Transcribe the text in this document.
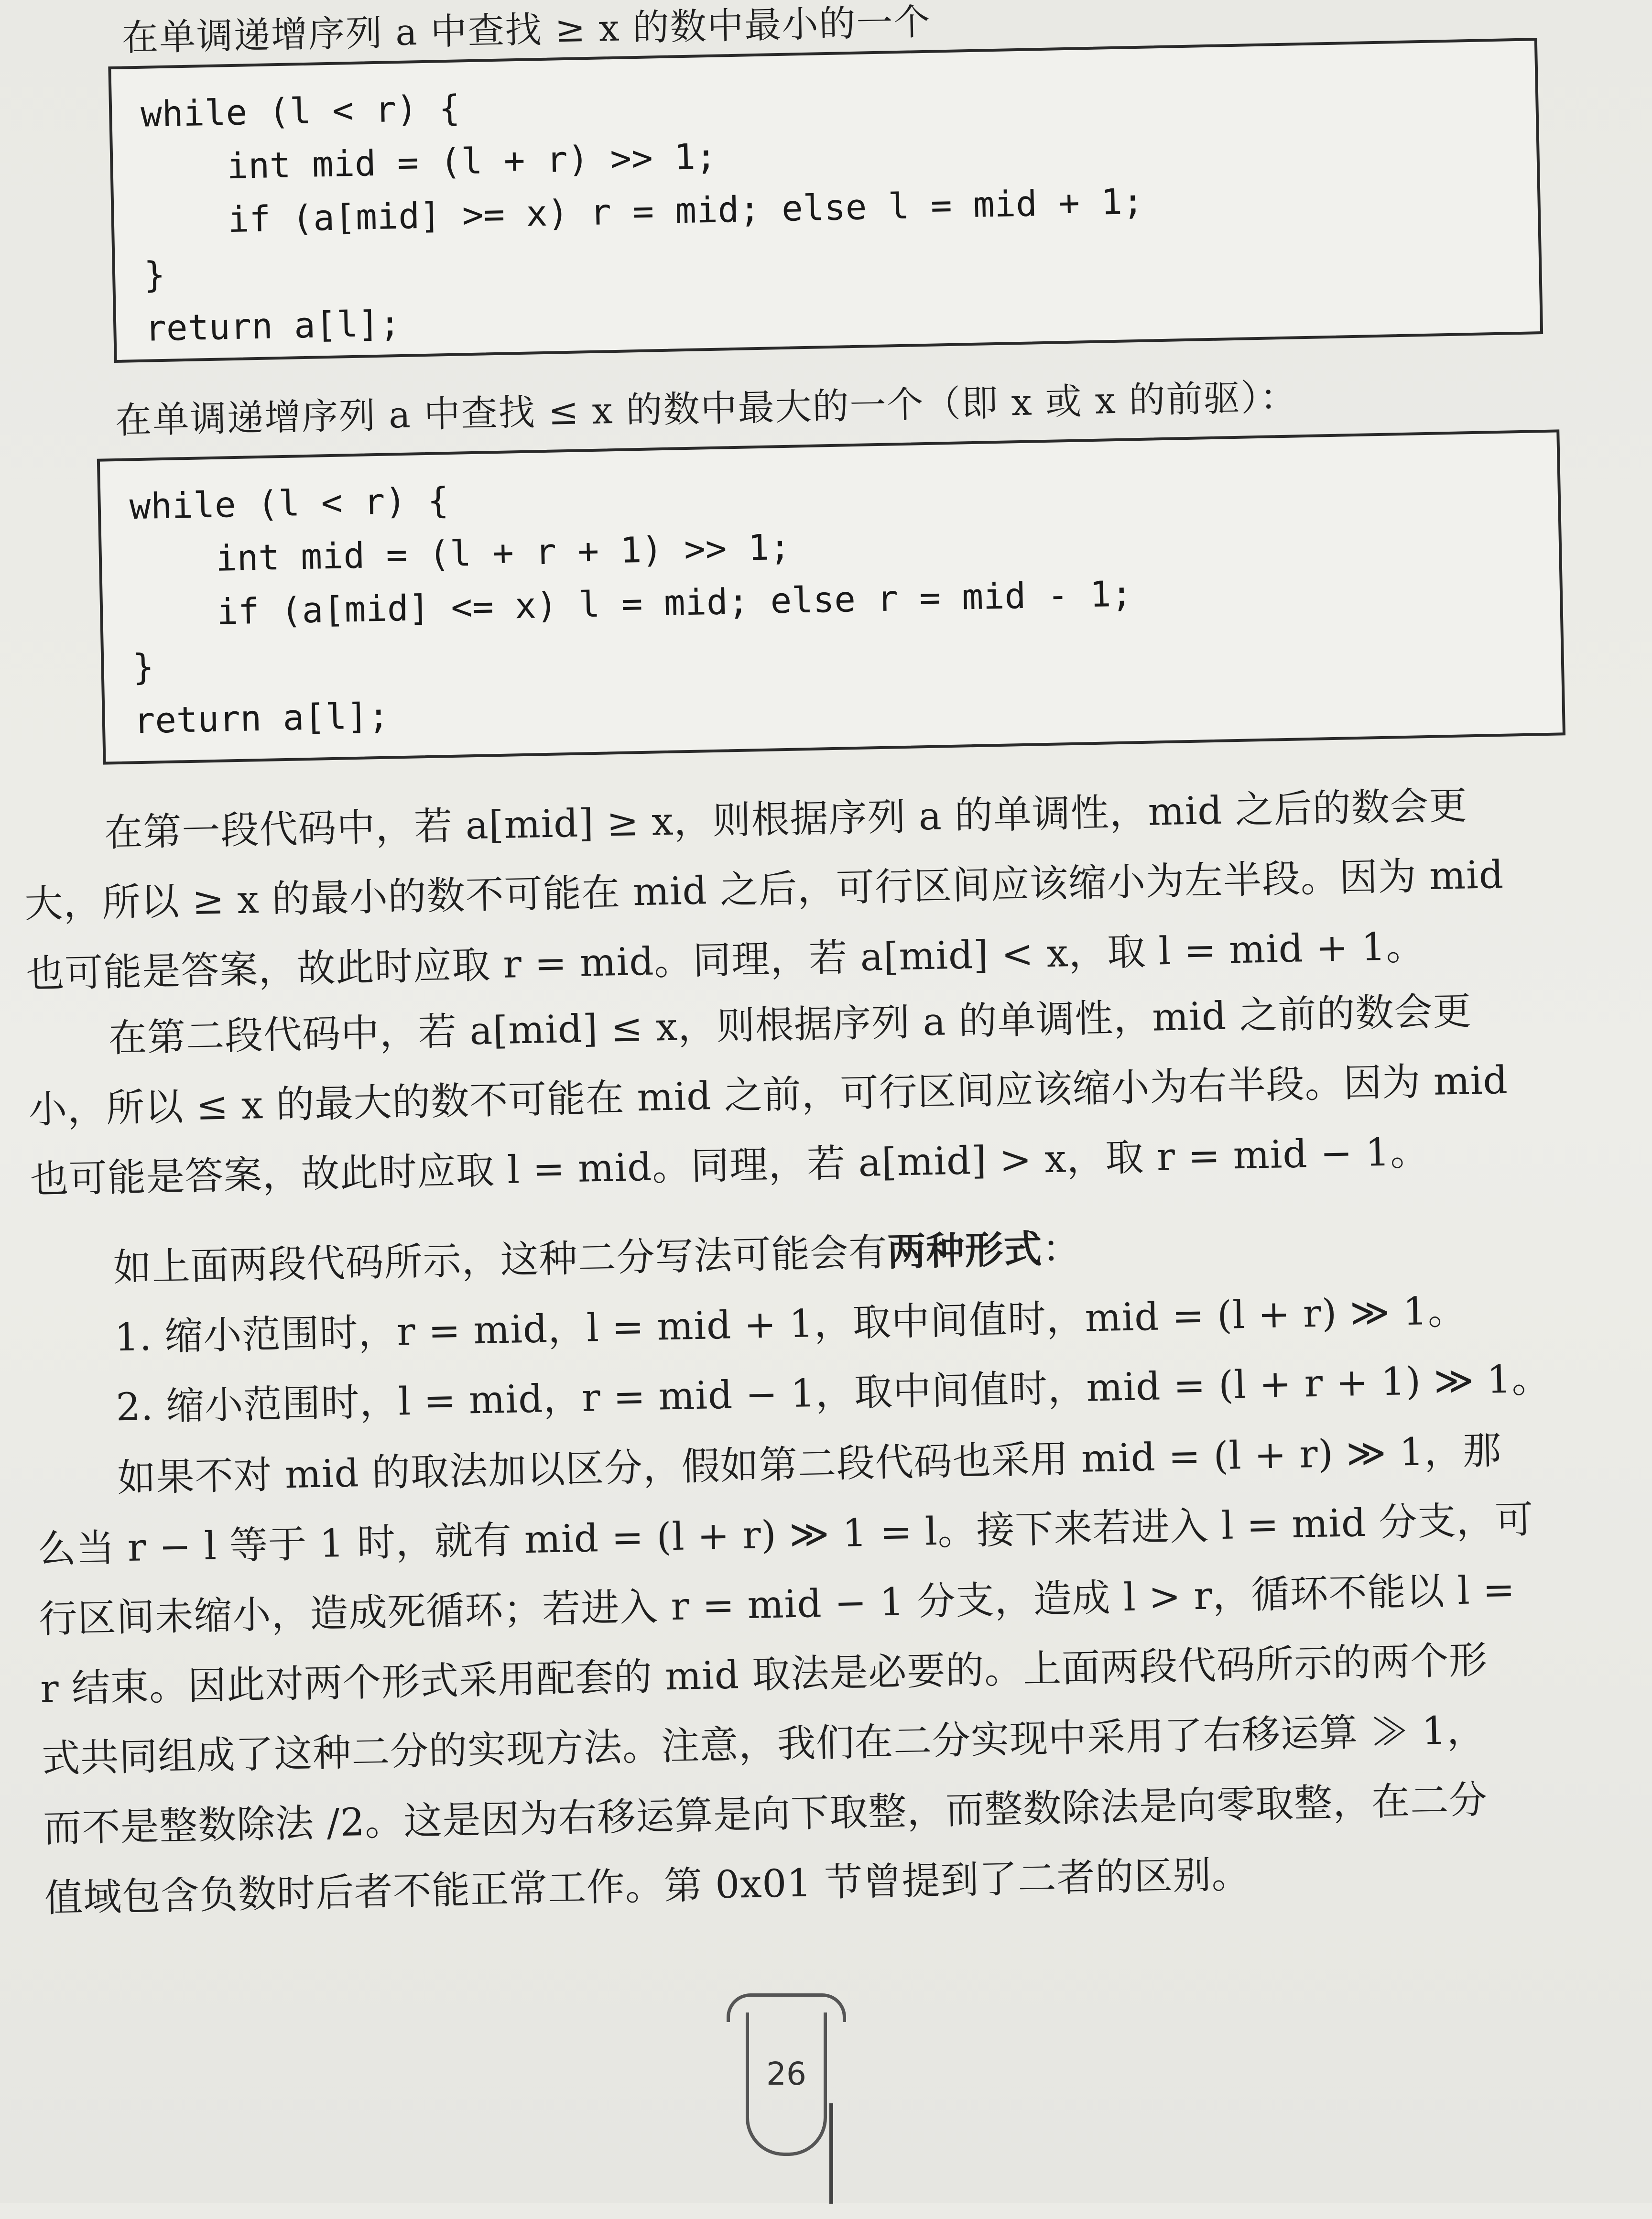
在单调递增序列 a 中查找 ≥ x 的数中最小的一个
while (l < r) {
int mid = (l + r) >> 1;
if (a[mid] >= x) r = mid; else l = mid + 1;
}
return a[l];
在单调递增序列 a 中查找 ≤ x 的数中最大的一个（即 x 或 x 的前驱）：
while (l < r) {
int mid = (l + r + 1) >> 1;
if (a[mid] <= x) l = mid; else r = mid - 1;
}
return a[l];

在第一段代码中，若 a[mid] ≥ x，则根据序列 a 的单调性，mid 之后的数会更

大，所以 ≥ x 的最小的数不可能在 mid 之后，可行区间应该缩小为左半段。因为 mid

也可能是答案，故此时应取 r = mid。同理，若 a[mid] < x，取 l = mid + 1。

在第二段代码中，若 a[mid] ≤ x，则根据序列 a 的单调性，mid 之前的数会更

小，所以 ≤ x 的最大的数不可能在 mid 之前，可行区间应该缩小为右半段。因为 mid

也可能是答案，故此时应取 l = mid。同理，若 a[mid] > x，取 r = mid − 1。

如上面两段代码所示，这种二分写法可能会有两种形式：

1. 缩小范围时，r = mid，l = mid + 1，取中间值时，mid = (l + r) ≫ 1。

2. 缩小范围时，l = mid，r = mid − 1，取中间值时，mid = (l + r + 1) ≫ 1。

如果不对 mid 的取法加以区分，假如第二段代码也采用 mid = (l + r) ≫ 1，那

么当 r − l 等于 1 时，就有 mid = (l + r) ≫ 1 = l。接下来若进入 l = mid 分支，可

行区间未缩小，造成死循环；若进入 r = mid − 1 分支，造成 l > r，循环不能以 l =

r 结束。因此对两个形式采用配套的 mid 取法是必要的。上面两段代码所示的两个形

式共同组成了这种二分的实现方法。注意，我们在二分实现中采用了右移运算 ≫ 1，

而不是整数除法 /2。这是因为右移运算是向下取整，而整数除法是向零取整，在二分

值域包含负数时后者不能正常工作。第 0x01 节曾提到了二者的区别。

26
